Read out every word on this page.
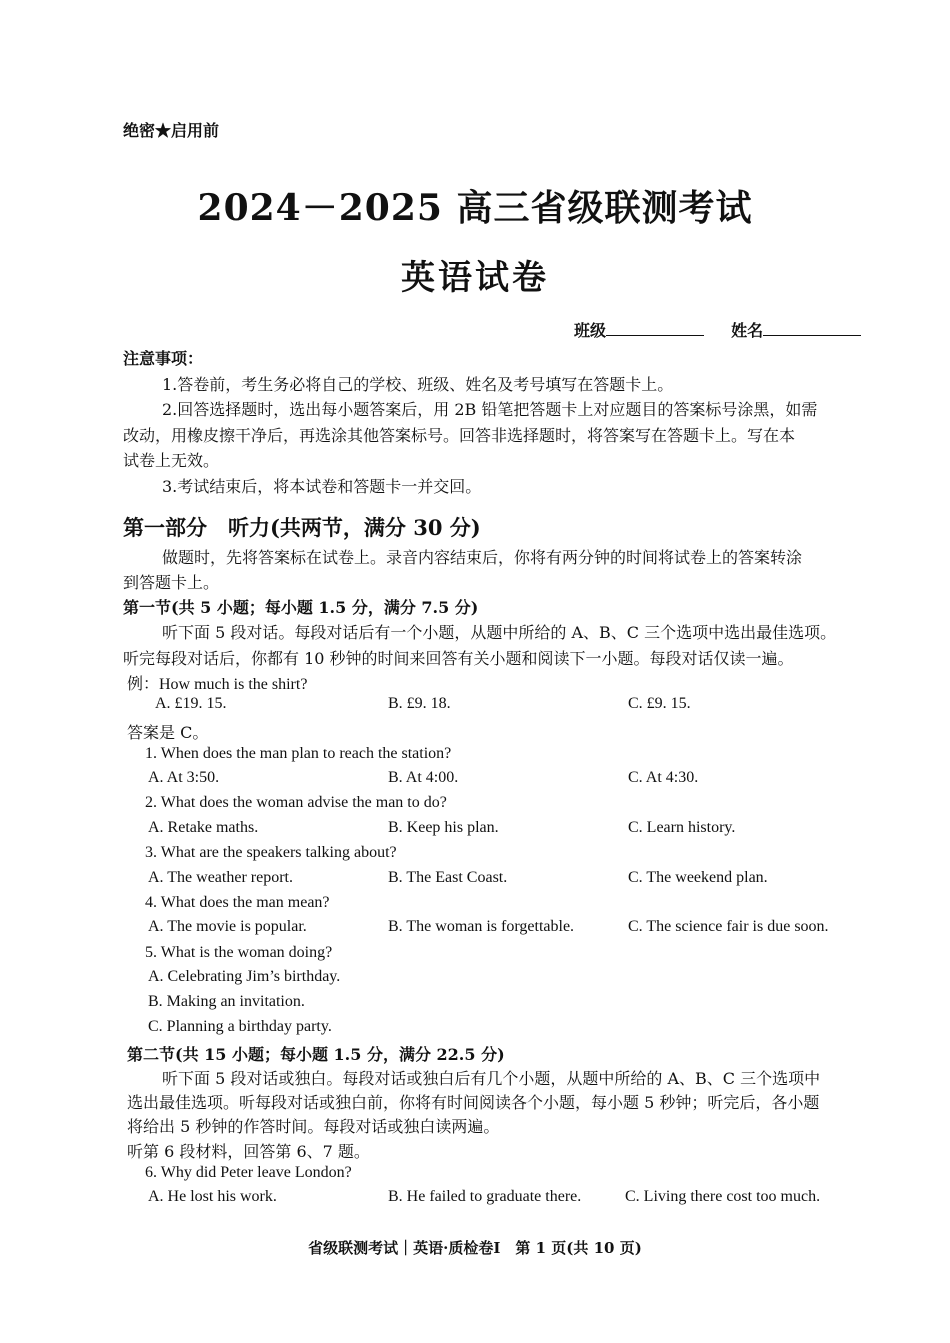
绝密★启用前
2024－2025 高三省级联测考试
英语试卷
班级	姓名
注意事项：
1.答卷前，考生务必将自己的学校、班级、姓名及考号填写在答题卡上。
2.回答选择题时，选出每小题答案后，用 2B 铅笔把答题卡上对应题目的答案标号涂黑，如需
改动，用橡皮擦干净后，再选涂其他答案标号。回答非选择题时，将答案写在答题卡上。写在本
试卷上无效。
3.考试结束后，将本试卷和答题卡一并交回。
第一部分　听力(共两节，满分 30 分)
做题时，先将答案标在试卷上。录音内容结束后，你将有两分钟的时间将试卷上的答案转涂
到答题卡上。
第一节(共 5 小题；每小题 1.5 分，满分 7.5 分)
听下面 5 段对话。每段对话后有一个小题，从题中所给的 A、B、C 三个选项中选出最佳选项。
听完每段对话后，你都有 10 秒钟的时间来回答有关小题和阅读下一小题。每段对话仅读一遍。
例：How much is the shirt?
A. £19. 15.	B. £9. 18.	C. £9. 15.
答案是 C。
1. When does the man plan to reach the station?
A. At 3:50.	B. At 4:00.	C. At 4:30.
2. What does the woman advise the man to do?
A. Retake maths.	B. Keep his plan.	C. Learn history.
3. What are the speakers talking about?
A. The weather report.	B. The East Coast.	C. The weekend plan.
4. What does the man mean?
A. The movie is popular.	B. The woman is forgettable.	C. The science fair is due soon.
5. What is the woman doing?
A. Celebrating Jim’s birthday.
B. Making an invitation.
C. Planning a birthday party.
第二节(共 15 小题；每小题 1.5 分，满分 22.5 分)
听下面 5 段对话或独白。每段对话或独白后有几个小题，从题中所给的 A、B、C 三个选项中
选出最佳选项。听每段对话或独白前，你将有时间阅读各个小题，每小题 5 秒钟；听完后，各小题
将给出 5 秒钟的作答时间。每段对话或独白读两遍。
听第 6 段材料，回答第 6、7 题。
6. Why did Peter leave London?
A. He lost his work.	B. He failed to graduate there.	C. Living there cost too much.
省级联测考试｜英语·质检卷Ⅰ　第 1 页(共 10 页)
